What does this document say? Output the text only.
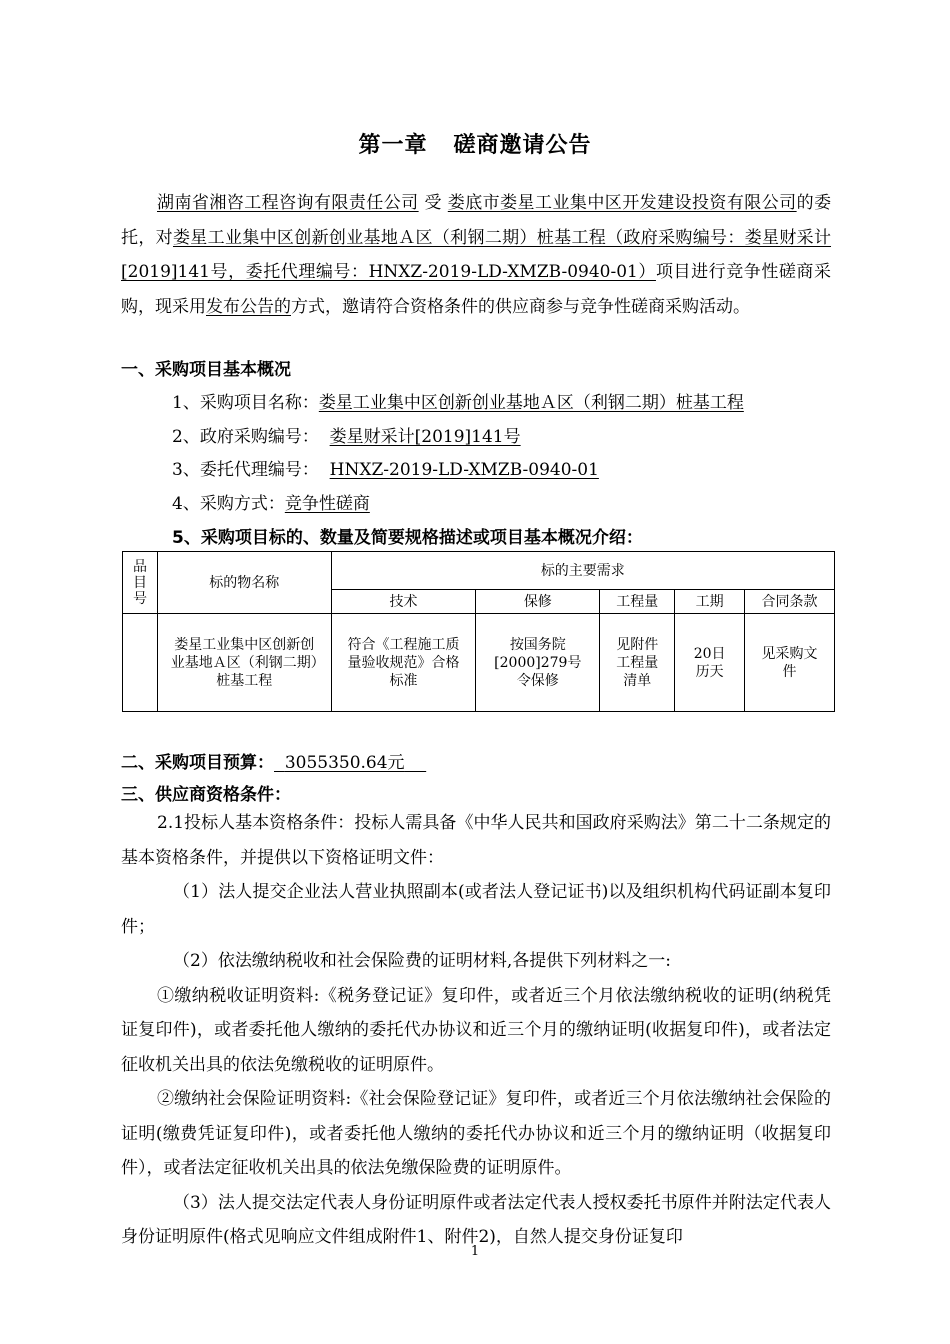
第一章 磋商邀请公告

湖南省湘咨工程咨询有限责任公司 受 娄底市娄星工业集中区开发建设投资有限公司的委托，对娄星工业集中区创新创业基地Ａ区（利钢二期）桩基工程（政府采购编号：娄星财采计[2019]141号，委托代理编号：HNXZ-2019-LD-XMZB-0940-01）项目进行竞争性磋商采购，现采用发布公告的方式，邀请符合资格条件的供应商参与竞争性磋商采购活动。

一、采购项目基本概况
1、采购项目名称：娄星工业集中区创新创业基地Ａ区（利钢二期）桩基工程
2、政府采购编号： 娄星财采计[2019]141号
3、委托代理编号： HNXZ-2019-LD-XMZB-0940-01
4、采购方式：竞争性磋商
5、采购项目标的、数量及简要规格描述或项目基本概况介绍：
品目号	标的物名称	标的主要需求				
		技术	保修	工程量	工期	合同条款
	娄星工业集中区创新创业基地Ａ区（利钢二期）桩基工程	符合《工程施工质量验收规范》合格标准	按国务院[2000]279号令保修	见附件工程量清单	20日历天	见采购文件
二、采购项目预算： 3055350.64元
三、供应商资格条件：

2.1投标人基本资格条件：投标人需具备《中华人民共和国政府采购法》第二十二条规定的基本资格条件，并提供以下资格证明文件：

（1）法人提交企业法人营业执照副本(或者法人登记证书)以及组织机构代码证副本复印件；

（2）依法缴纳税收和社会保险费的证明材料,各提供下列材料之一:

①缴纳税收证明资料:《税务登记证》复印件，或者近三个月依法缴纳税收的证明(纳税凭证复印件)，或者委托他人缴纳的委托代办协议和近三个月的缴纳证明(收据复印件)，或者法定征收机关出具的依法免缴税收的证明原件。

②缴纳社会保险证明资料:《社会保险登记证》复印件，或者近三个月依法缴纳社会保险的证明(缴费凭证复印件)，或者委托他人缴纳的委托代办协议和近三个月的缴纳证明（收据复印件），或者法定征收机关出具的依法免缴保险费的证明原件。

（3）法人提交法定代表人身份证明原件或者法定代表人授权委托书原件并附法定代表人身份证明原件(格式见响应文件组成附件1、附件2)，自然人提交身份证复印

1
